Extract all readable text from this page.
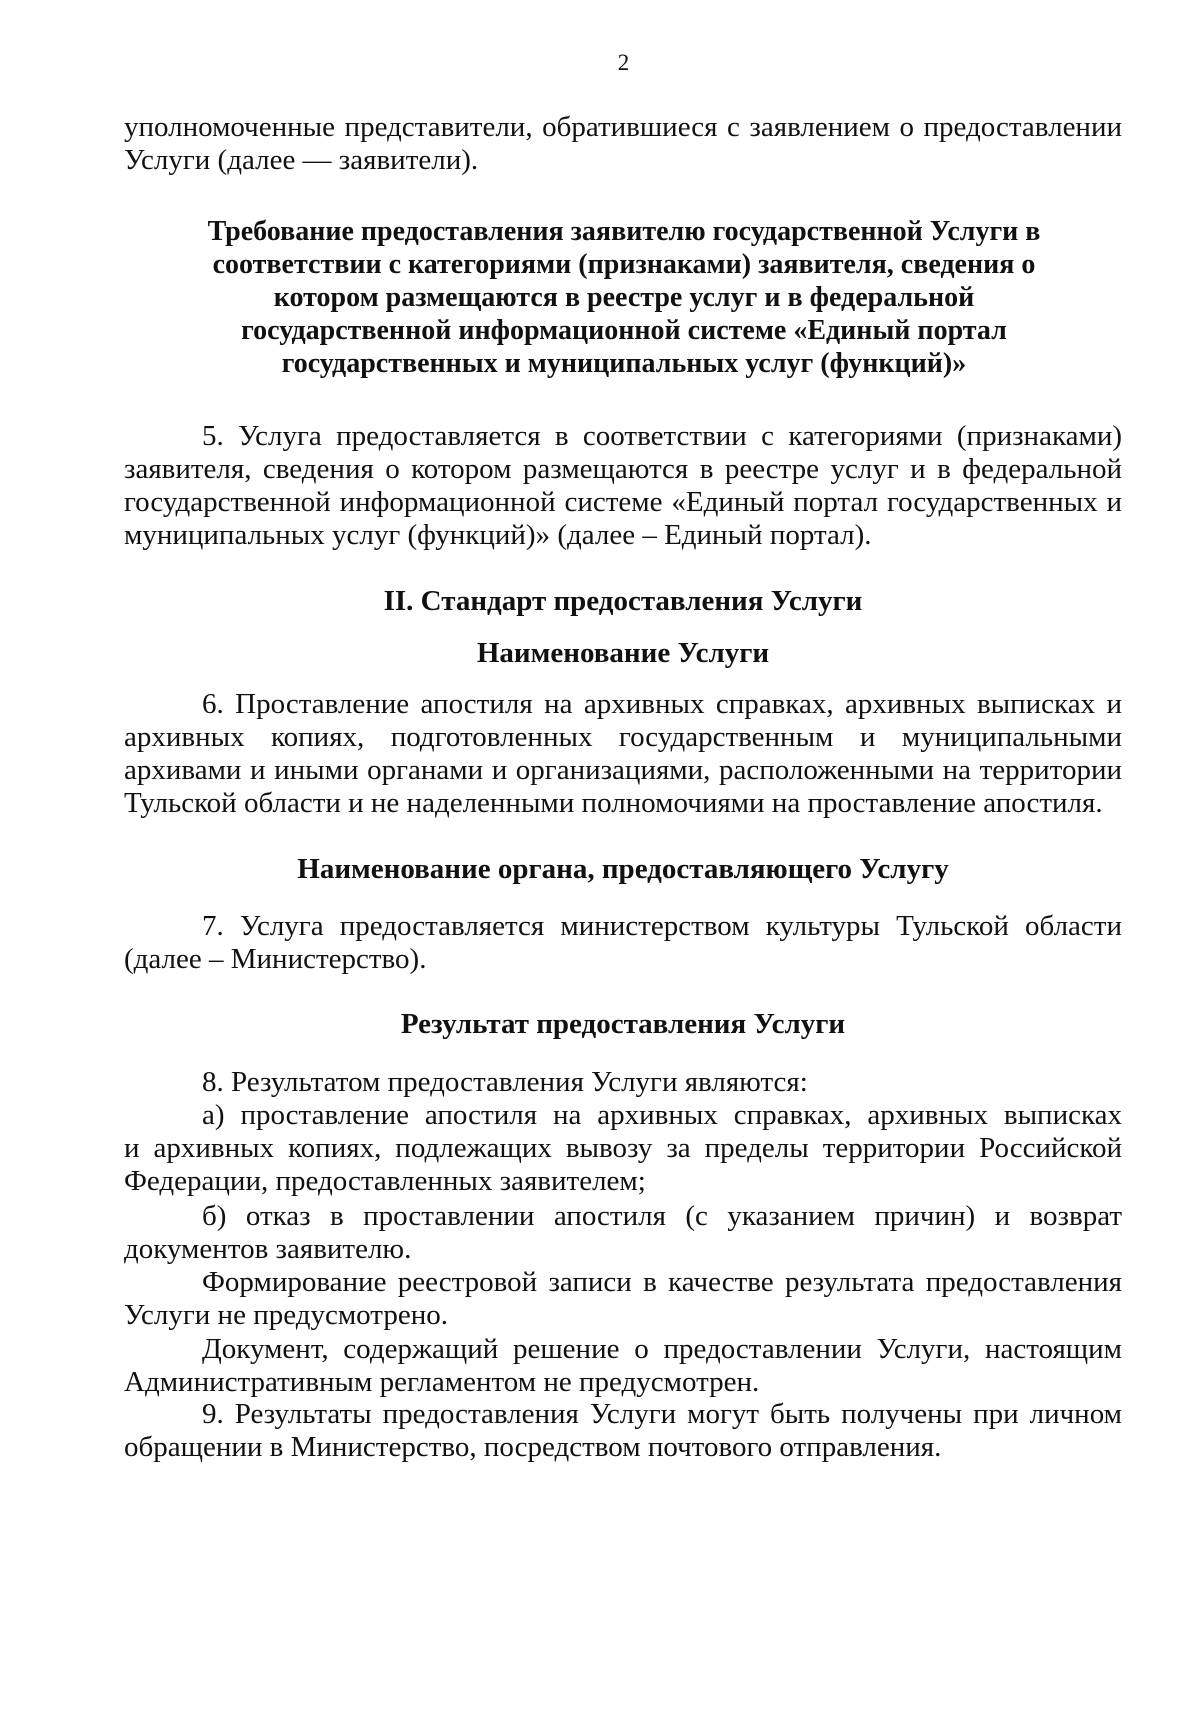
2
уполномоченные представители, обратившиеся с заявлением о предоставлении
Услуги (далее — заявители).
Требование предоставления заявителю государственной Услуги в
соответствии с категориями (признаками) заявителя, сведения о
котором размещаются в реестре услуг и в федеральной
государственной информационной системе «Единый портал
государственных и муниципальных услуг (функций)»
5. Услуга предоставляется в соответствии с категориями (признаками)
заявителя, сведения о котором размещаются в реестре услуг и в федеральной
государственной информационной системе «Единый портал государственных и
муниципальных услуг (функций)» (далее – Единый портал).
II. Стандарт предоставления Услуги
Наименование Услуги
6. Проставление апостиля на архивных справках, архивных выписках и
архивных копиях, подготовленных государственным и муниципальными
архивами и иными органами и организациями, расположенными на территории
Тульской области и не наделенными полномочиями на проставление апостиля.
Наименование органа, предоставляющего Услугу
7. Услуга предоставляется министерством культуры Тульской области
(далее – Министерство).
Результат предоставления Услуги
8. Результатом предоставления Услуги являются:
а) проставление апостиля на архивных справках, архивных выписках
и архивных копиях, подлежащих вывозу за пределы территории Российской
Федерации, предоставленных заявителем;
б) отказ в проставлении апостиля (с указанием причин) и возврат
документов заявителю.
Формирование реестровой записи в качестве результата предоставления
Услуги не предусмотрено.
Документ, содержащий решение о предоставлении Услуги, настоящим
Административным регламентом не предусмотрен.
9. Результаты предоставления Услуги могут быть получены при личном
обращении в Министерство, посредством почтового отправления.
